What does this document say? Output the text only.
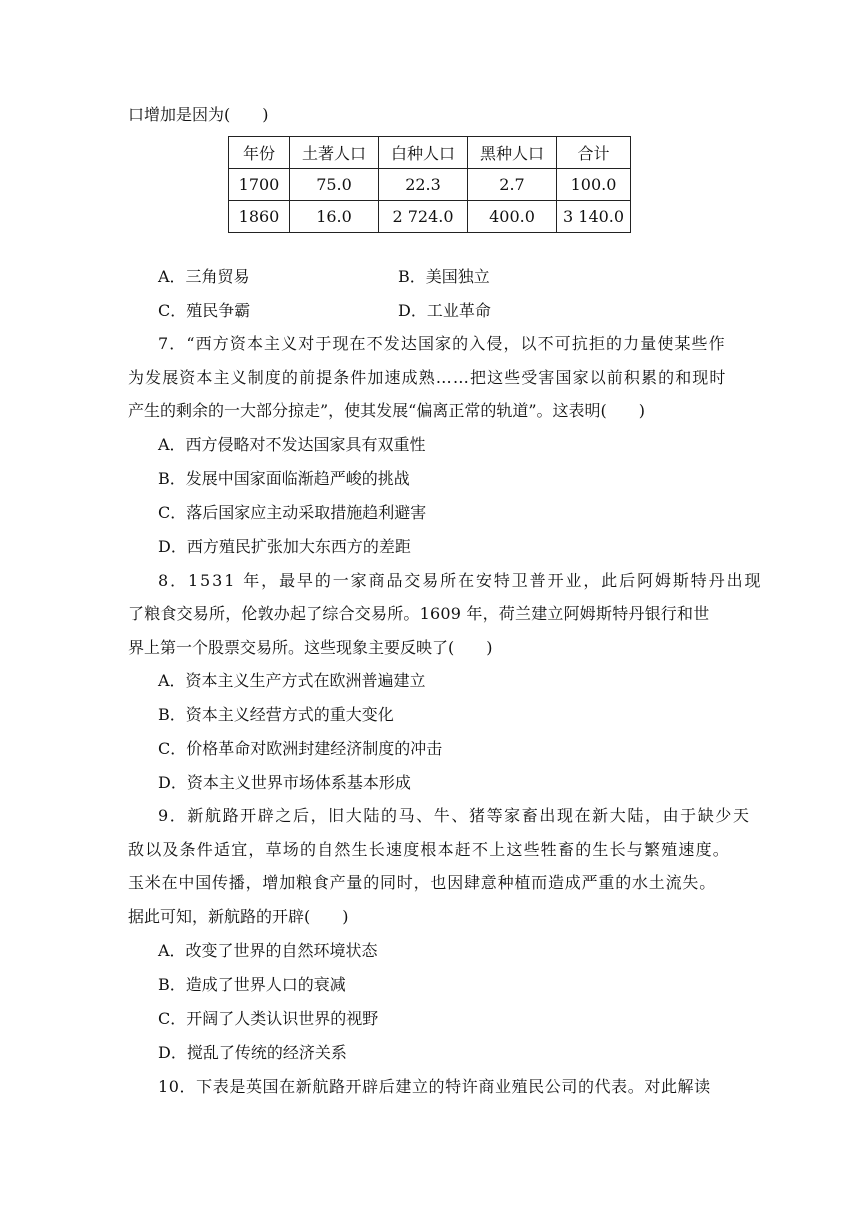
口增加是因为(　　)
年份	土著人口	白种人口	黑种人口	合计
1700	75.0	22.3	2.7	100.0
1860	16.0	2 724.0	400.0	3 140.0
A．三角贸易	B．美国独立
C．殖民争霸	D．工业革命
7．“西方资本主义对于现在不发达国家的入侵，以不可抗拒的力量使某些作
为发展资本主义制度的前提条件加速成熟……把这些受害国家以前积累的和现时
产生的剩余的一大部分掠走”，使其发展“偏离正常的轨道”。这表明(　　)
A．西方侵略对不发达国家具有双重性
B．发展中国家面临渐趋严峻的挑战
C．落后国家应主动采取措施趋利避害
D．西方殖民扩张加大东西方的差距
8．1531 年，最早的一家商品交易所在安特卫普开业，此后阿姆斯特丹出现
了粮食交易所，伦敦办起了综合交易所。1609 年，荷兰建立阿姆斯特丹银行和世
界上第一个股票交易所。这些现象主要反映了(　　)
A．资本主义生产方式在欧洲普遍建立
B．资本主义经营方式的重大变化
C．价格革命对欧洲封建经济制度的冲击
D．资本主义世界市场体系基本形成
9．新航路开辟之后，旧大陆的马、牛、猪等家畜出现在新大陆，由于缺少天
敌以及条件适宜，草场的自然生长速度根本赶不上这些牲畜的生长与繁殖速度。
玉米在中国传播，增加粮食产量的同时，也因肆意种植而造成严重的水土流失。
据此可知，新航路的开辟(　　)
A．改变了世界的自然环境状态
B．造成了世界人口的衰减
C．开阔了人类认识世界的视野
D．搅乱了传统的经济关系
10．下表是英国在新航路开辟后建立的特许商业殖民公司的代表。对此解读
